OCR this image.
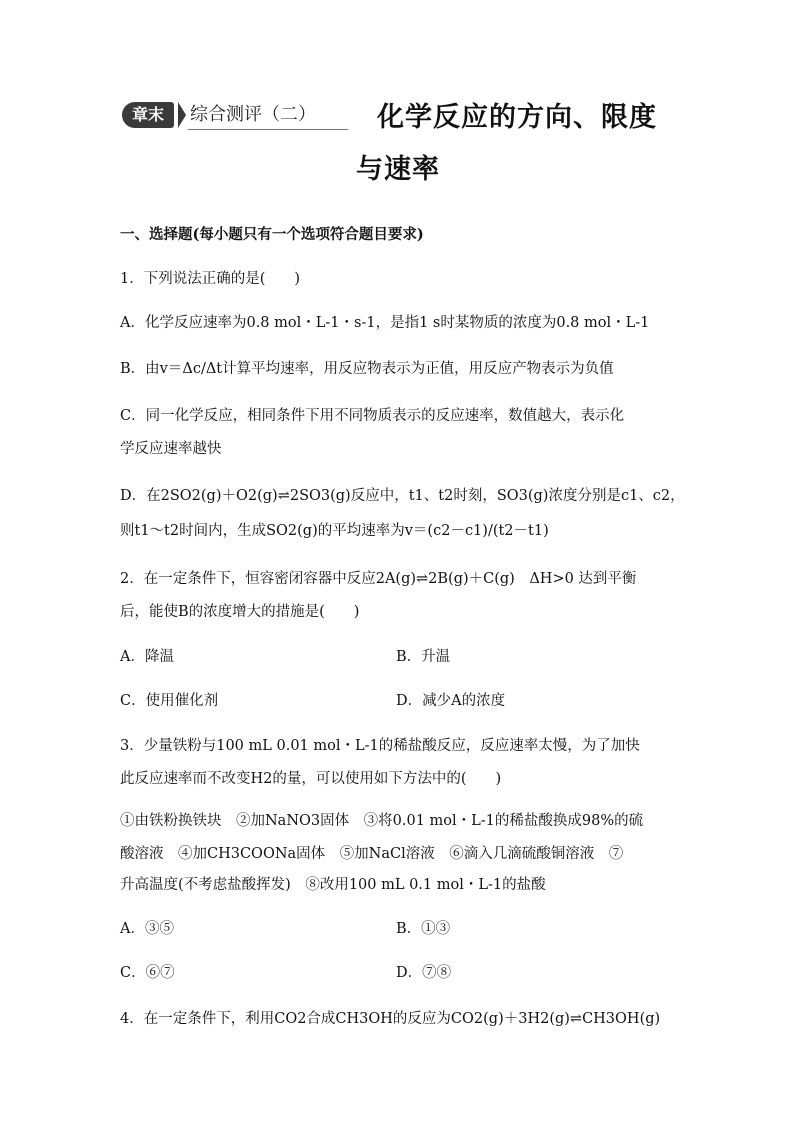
章末	综合测评（二） 化学反应的方向、限度
与速率
一、选择题(每小题只有一个选项符合题目要求)
1．下列说法正确的是(　　)
A．化学反应速率为0.8 mol・L-1・s-1，是指1 s时某物质的浓度为0.8 mol・L-1
B．由v＝Δc/Δt计算平均速率，用反应物表示为正值，用反应产物表示为负值
C．同一化学反应，相同条件下用不同物质表示的反应速率，数值越大，表示化
学反应速率越快
D．在2SO2(g)＋O2(g)⇌2SO3(g)反应中，t1、t2时刻，SO3(g)浓度分别是c1、c2，
则t1～t2时间内，生成SO2(g)的平均速率为v＝(c2－c1)/(t2－t1)
2．在一定条件下，恒容密闭容器中反应2A(g)⇌2B(g)＋C(g)　ΔH>0 达到平衡
后，能使B的浓度增大的措施是(　　)
A．降温	B．升温
C．使用催化剂	D．减少A的浓度
3．少量铁粉与100 mL 0.01 mol・L-1的稀盐酸反应，反应速率太慢，为了加快
此反应速率而不改变H2的量，可以使用如下方法中的(　　)
①由铁粉换铁块　②加NaNO3固体　③将0.01 mol・L-1的稀盐酸换成98%的硫
酸溶液　④加CH3COONa固体　⑤加NaCl溶液　⑥滴入几滴硫酸铜溶液　⑦
升高温度(不考虑盐酸挥发)　⑧改用100 mL 0.1 mol・L-1的盐酸
A．③⑤	B．①③
C．⑥⑦	D．⑦⑧
4．在一定条件下，利用CO2合成CH3OH的反应为CO2(g)＋3H2(g)⇌CH3OH(g)
